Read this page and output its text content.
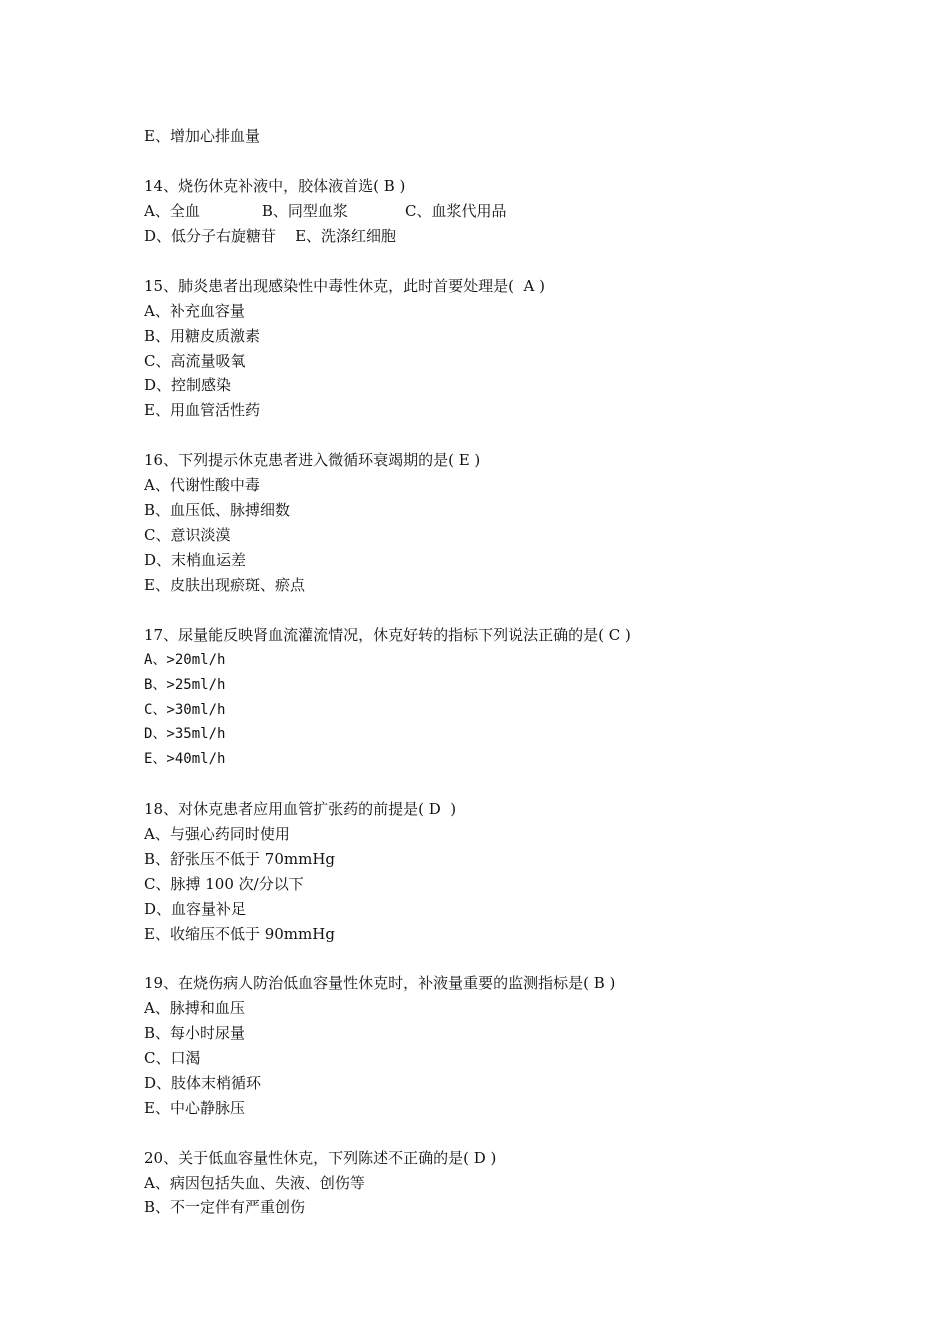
E、增加心排血量
14、烧伤休克补液中，胶体液首选( B )
A、全血             B、同型血浆            C、血浆代用品
D、低分子右旋糖苷    E、洗涤红细胞
15、肺炎患者出现感染性中毒性休克，此时首要处理是(  A )
A、补充血容量
B、用糖皮质激素
C、高流量吸氧
D、控制感染
E、用血管活性药
16、下列提示休克患者进入微循环衰竭期的是( E )
A、代谢性酸中毒
B、血压低、脉搏细数
C、意识淡漠
D、末梢血运差
E、皮肤出现瘀斑、瘀点
17、尿量能反映肾血流灌流情况，休克好转的指标下列说法正确的是( C )
A、>20ml/h
B、>25ml/h
C、>30ml/h
D、>35ml/h
E、>40ml/h
18、对休克患者应用血管扩张药的前提是( D  )
A、与强心药同时使用
B、舒张压不低于 70mmHg
C、脉搏 100 次/分以下
D、血容量补足
E、收缩压不低于 90mmHg
19、在烧伤病人防治低血容量性休克时，补液量重要的监测指标是( B )
A、脉搏和血压
B、每小时尿量
C、口渴
D、肢体末梢循环
E、中心静脉压
20、关于低血容量性休克，下列陈述不正确的是( D )
A、病因包括失血、失液、创伤等
B、不一定伴有严重创伤
